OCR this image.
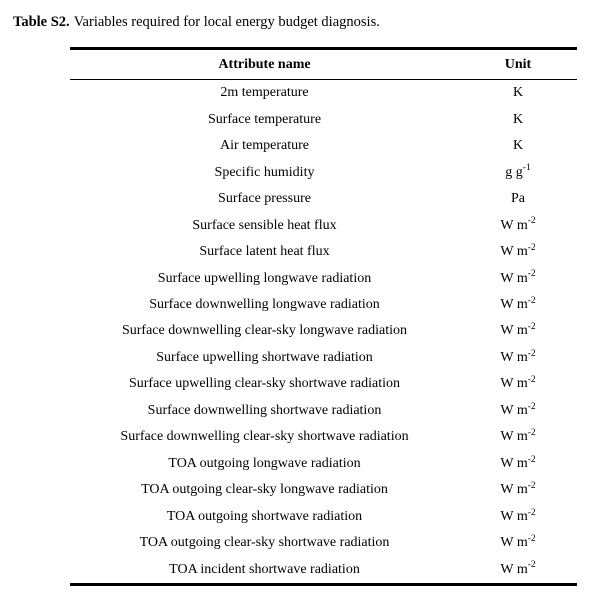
Table S2. Variables required for local energy budget diagnosis.
Attribute name	Unit
2m temperature	K
Surface temperature	K
Air temperature	K
Specific humidity	g $g^{-1}$
Surface pressure	Pa
Surface sensible heat flux	W $m^{-2}$
Surface latent heat flux	W $m^{-2}$
Surface upwelling longwave radiation	W $m^{-2}$
Surface downwelling longwave radiation	W $m^{-2}$
Surface downwelling clear-sky longwave radiation	W $m^{-2}$
Surface upwelling shortwave radiation	W $m^{-2}$
Surface upwelling clear-sky shortwave radiation	W $m^{-2}$
Surface downwelling shortwave radiation	W $m^{-2}$
Surface downwelling clear-sky shortwave radiation	W $m^{-2}$
TOA outgoing longwave radiation	W $m^{-2}$
TOA outgoing clear-sky longwave radiation	W $m^{-2}$
TOA outgoing shortwave radiation	W $m^{-2}$
TOA outgoing clear-sky shortwave radiation	W $m^{-2}$
TOA incident shortwave radiation	W $m^{-2}$
